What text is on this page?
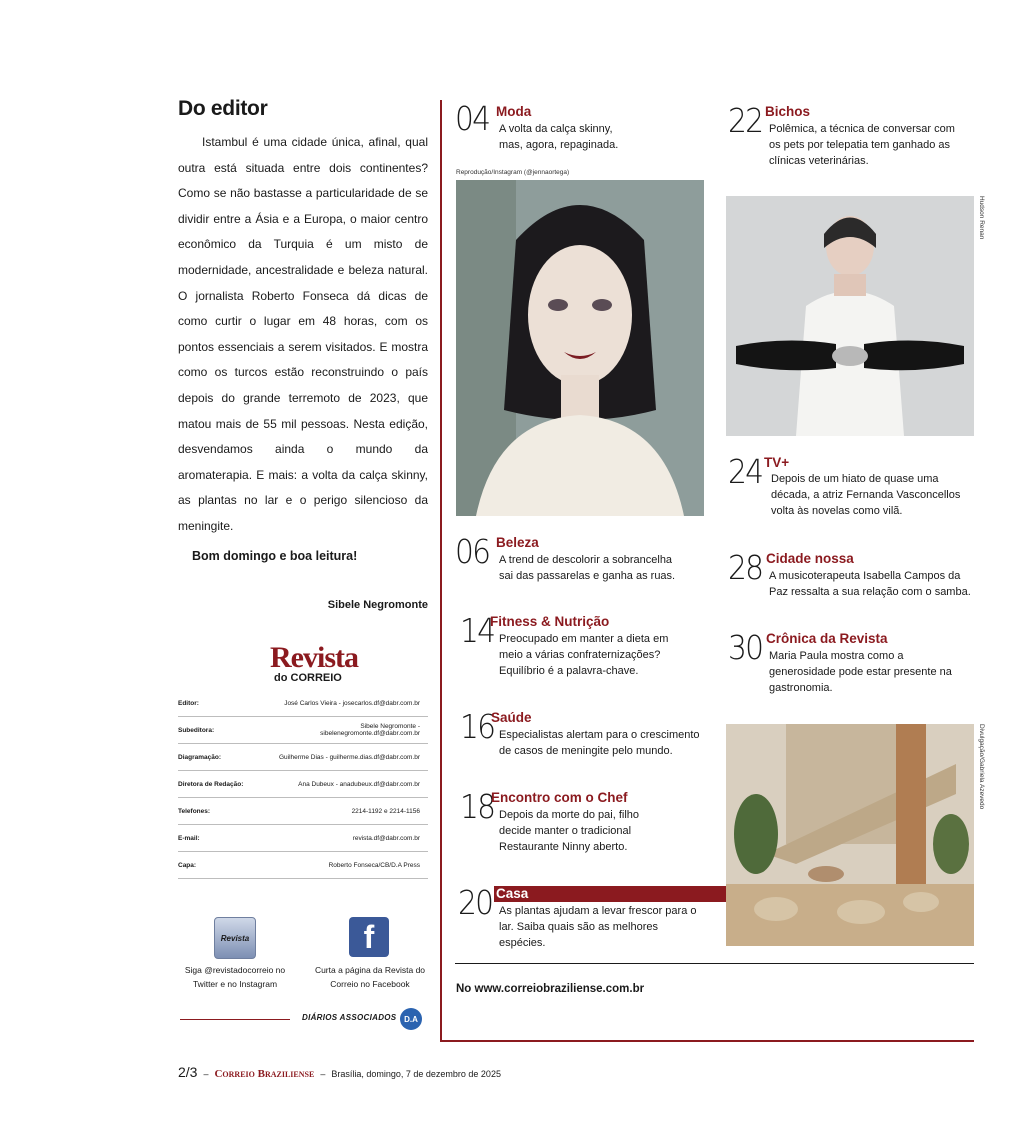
Do editor

Istambul é uma cidade única, afinal, qual outra está situada entre dois continentes? Como se não bastasse a particularidade de se dividir entre a Ásia e a Europa, o maior centro econômico da Turquia é um misto de modernidade, ancestralidade e beleza natural. O jornalista Roberto Fonseca dá dicas de como curtir o lugar em 48 horas, com os pontos essenciais a serem visitados. E mostra como os turcos estão reconstruindo o país depois do grande terremoto de 2023, que matou mais de 55 mil pessoas. Nesta edição, desvendamos ainda o mundo da aromaterapia. E mais: a volta da calça skinny, as plantas no lar e o perigo silencioso da meningite.

Bom domingo e boa leitura!
Sibele Negromonte
Revista
do CORREIO
Editor:	José Carlos Vieira - josecarlos.df@dabr.com.br
Subeditora:	Sibele Negromonte - sibelenegromonte.df@dabr.com.br
Diagramação:	Guilherme Dias - guilherme.dias.df@dabr.com.br
Diretora de Redação:	Ana Dubeux - anadubeux.df@dabr.com.br
Telefones:	2214-1192 e 2214-1156
E-mail:	revista.df@dabr.com.br
Capa:	Roberto Fonseca/CB/D.A Press
Revista	f
Siga @revistadocorreio no Twitter e no Instagram
Curta a página da Revista do Correio no Facebook
DIÁRIOS ASSOCIADOS D.A
04 Moda
A volta da calça skinny, mas, agora, repaginada.
Reprodução/Instagram (@jennaortega)
06 Beleza
A trend de descolorir a sobrancelha sai das passarelas e ganha as ruas.
14
Fitness & Nutrição
Preocupado em manter a dieta em meio a várias confraternizações? Equilíbrio é a palavra-chave.
16
Saúde
Especialistas alertam para o crescimento de casos de meningite pelo mundo.
18
Encontro com o Chef
Depois da morte do pai, filho decide manter o tradicional Restaurante Ninny aberto.
20 Casa
As plantas ajudam a levar frescor para o lar. Saiba quais são as melhores espécies.
No www.correiobraziliense.com.br
22 Bichos
Polêmica, a técnica de conversar com os pets por telepatia tem ganhado as clínicas veterinárias.
Hudson Renan
24 TV+
Depois de um hiato de quase uma década, a atriz Fernanda Vasconcellos volta às novelas como vilã.
28 Cidade nossa
A musicoterapeuta Isabella Campos da Paz ressalta a sua relação com o samba.
30 Crônica da Revista
Maria Paula mostra como a generosidade pode estar presente na gastronomia.
Divulgação/Gabriela Azevedo
2/3 – Correio Braziliense – Brasília, domingo, 7 de dezembro de 2025
